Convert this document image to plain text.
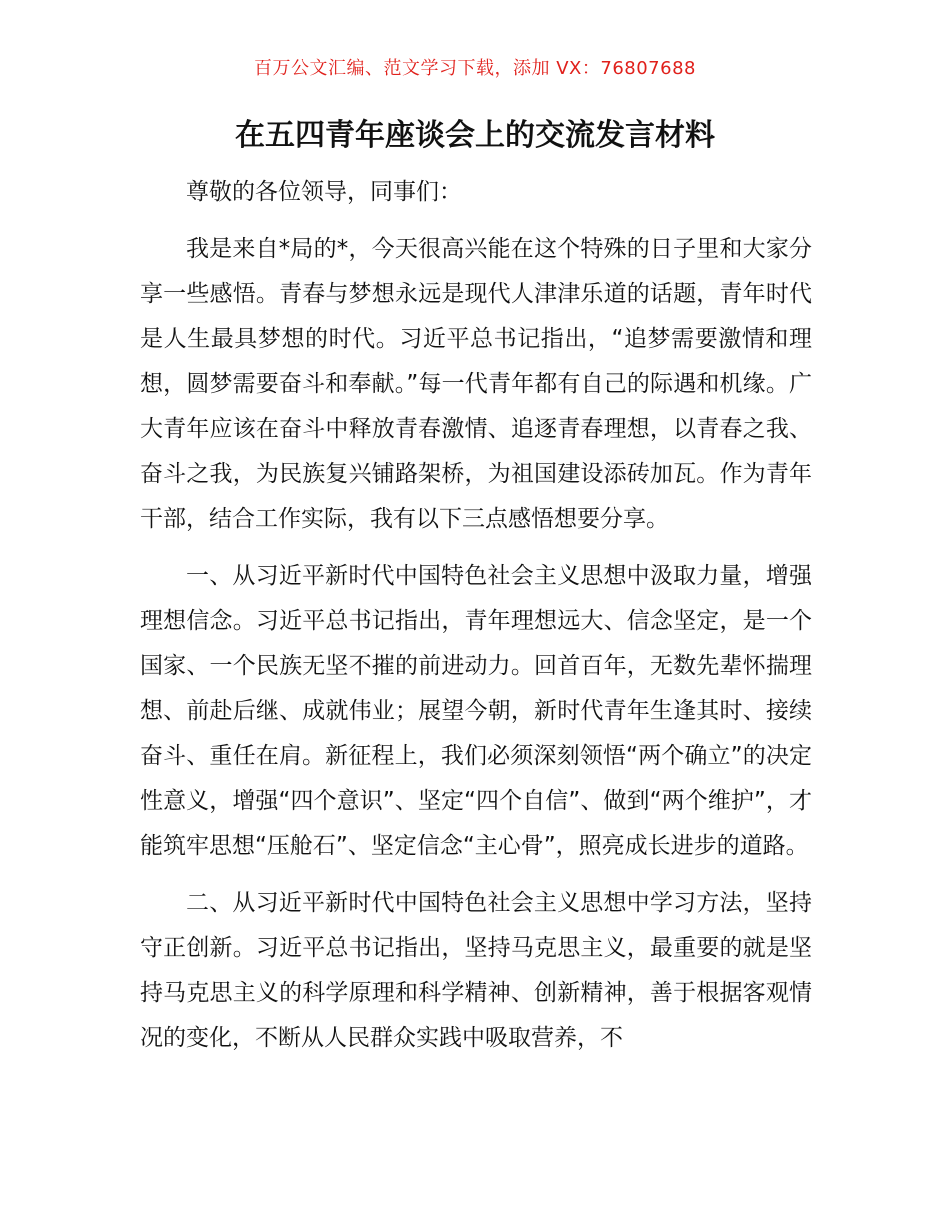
百万公文汇编、范文学习下载，添加 VX：76807688
在五四青年座谈会上的交流发言材料

尊敬的各位领导，同事们：

我是来自*局的*，今天很高兴能在这个特殊的日子里和大家分享一些感悟。青春与梦想永远是现代人津津乐道的话题，青年时代是人生最具梦想的时代。习近平总书记指出，“追梦需要激情和理想，圆梦需要奋斗和奉献。”每一代青年都有自己的际遇和机缘。广大青年应该在奋斗中释放青春激情、追逐青春理想，以青春之我、奋斗之我，为民族复兴铺路架桥，为祖国建设添砖加瓦。作为青年干部，结合工作实际，我有以下三点感悟想要分享。

一、从习近平新时代中国特色社会主义思想中汲取力量，增强理想信念。习近平总书记指出，青年理想远大、信念坚定，是一个国家、一个民族无坚不摧的前进动力。回首百年，无数先辈怀揣理想、前赴后继、成就伟业；展望今朝，新时代青年生逢其时、接续奋斗、重任在肩。新征程上，我们必须深刻领悟“两个确立”的决定性意义，增强“四个意识”、坚定“四个自信”、做到“两个维护”，才能筑牢思想“压舱石”、坚定信念“主心骨”，照亮成长进步的道路。

二、从习近平新时代中国特色社会主义思想中学习方法，坚持守正创新。习近平总书记指出，坚持马克思主义，最重要的就是坚持马克思主义的科学原理和科学精神、创新精神，善于根据客观情况的变化，不断从人民群众实践中吸取营养，不
